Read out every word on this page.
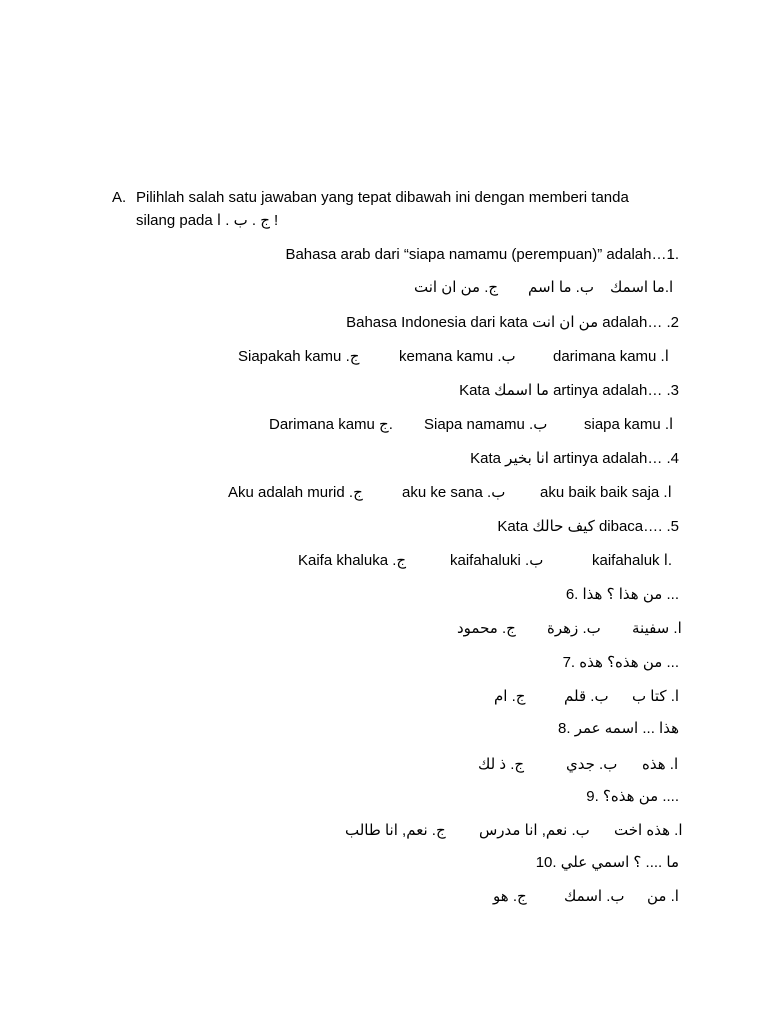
A. Pilihlah salah satu jawaban yang tepat dibawah ini dengan memberi tanda
silang pada ج . ب . ا !
Bahasa arab dari “siapa namamu (perempuan)” adalah…1.
ا.ما اسمك
ب. ما اسم
ج. من ان انت
Bahasa Indonesia dari kata من ان انت adalah… .2
darimana kamu .ا
kemana kamu .ب
Siapakah kamu .ج
Kata ما اسمك artinya adalah… .3
siapa kamu .ا
Siapa namamu .ب
Darimana kamu ج.
Kata انا بخير artinya adalah… .4
aku baik baik saja .ا
aku ke sana .ب
Aku adalah murid .ج
Kata كيف حالك dibaca…. .5
kaifahaluk ا.
kaifahaluki .ب
Kaifa khaluka .ج
6. من هذا ؟ هذا ...
ا. سفينة
ب. زهرة
ج. محمود
7. من هذه؟ هذه ...
ا. كتا ب
ب. قلم
ج. ام
8. هذا ... اسمه عمر
ا. هذه
ب. جدي
ج. ذ لك
9. من هذه؟ ....
ا. هذه اخت
ب. نعم, انا مدرس
ج. نعم, انا طالب
10. ما .... ؟ اسمي علي
ا. من
ب. اسمك
ج. هو
